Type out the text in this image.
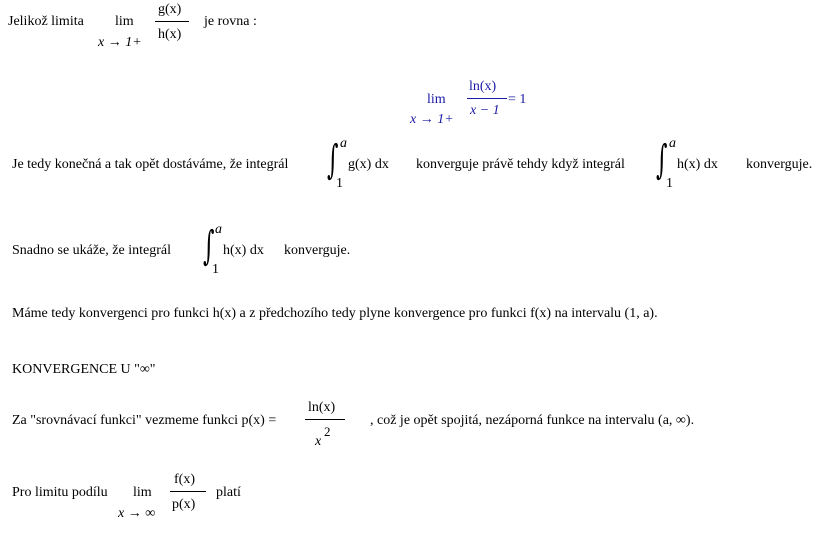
Jelikož limita lim
x → 1+
g(x)
h(x)
je rovna :
lim
x → 1+
ln(x)
x − 1
= 1
Je tedy konečná a tak opět dostáváme, že integrál ∫ a
1
g(x) dx konverguje právě tehdy když integrál ∫ a
1
h(x) dx konverguje.
Snadno se ukáže, že integrál ∫ a
1
h(x) dx konverguje.
Máme tedy konvergenci pro funkci h(x) a z předchozího tedy plyne konvergence pro funkci f(x) na intervalu (1, a).
KONVERGENCE U "∞"
Za "srovnávací funkci" vezmeme funkci p(x) =
ln(x)
x
2
, což je opět spojitá, nezáporná funkce na intervalu (a, ∞).
Pro limitu podílu lim
x → ∞
f(x)
p(x)
platí
